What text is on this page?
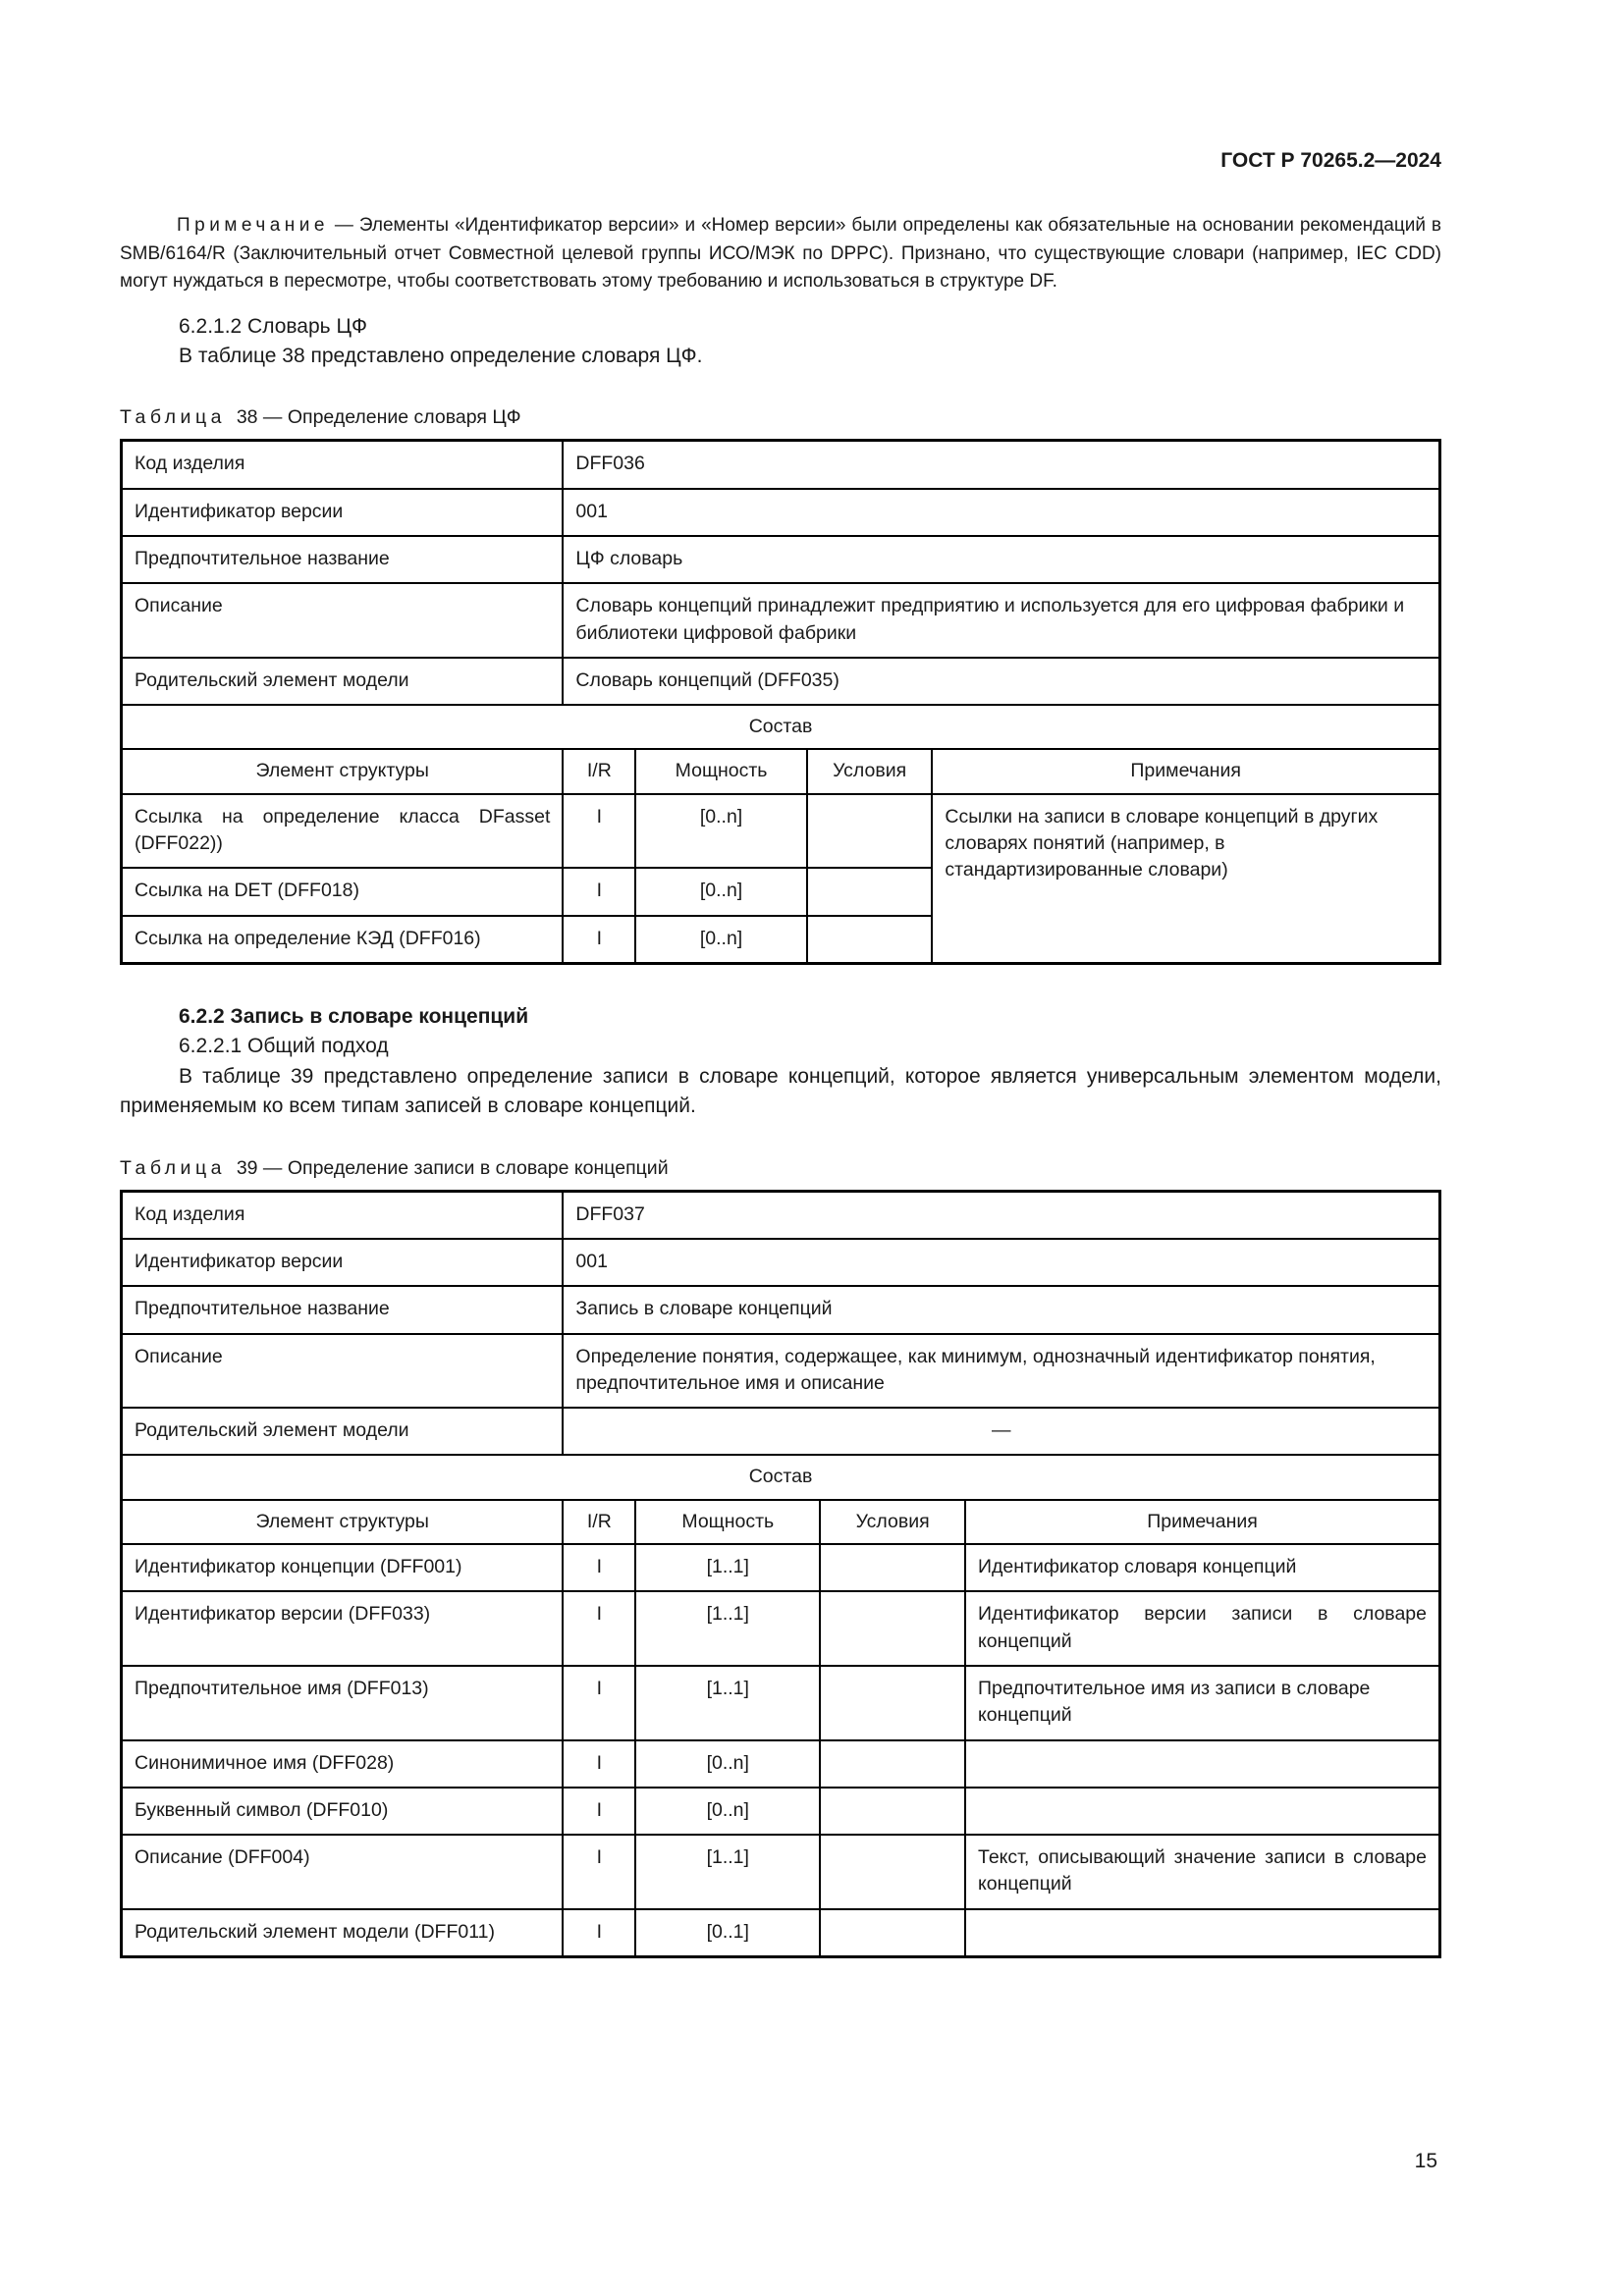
ГОСТ Р 70265.2—2024

Примечание — Элементы «Идентификатор версии» и «Номер версии» были определены как обязательные на основании рекомендаций в SMB/6164/R (Заключительный отчет Совместной целевой группы ИСО/МЭК по DPPC). Признано, что существующие словари (например, IEC CDD) могут нуждаться в пересмотре, чтобы соответствовать этому требованию и использоваться в структуре DF.

6.2.1.2 Словарь ЦФ

В таблице 38 представлено определение словаря ЦФ.

Таблица 38 — Определение словаря ЦФ

Код изделия	DFF036			
Идентификатор версии	001			
Предпочтительное название	ЦФ словарь			
Описание	Словарь концепций принадлежит предприятию и используется для его цифровая фабрики и библиотеки цифровой фабрики			
Родительский элемент модели	Словарь концепций (DFF035)			
Состав				
Элемент структуры	I/R	Мощность	Условия	Примечания
Ссылка на определение класса DFasset (DFF022))	I	[0..n]		Ссылки на записи в словаре концепций в других словарях понятий (например, в стандартизированные словари)
Ссылка на DET (DFF018)	I	[0..n]		
Ссылка на определение КЭД (DFF016)	I	[0..n]		

6.2.2 Запись в словаре концепций

6.2.2.1 Общий подход

В таблице 39 представлено определение записи в словаре концепций, которое является универсальным элементом модели, применяемым ко всем типам записей в словаре концепций.

Таблица 39 — Определение записи в словаре концепций

Код изделия	DFF037			
Идентификатор версии	001			
Предпочтительное название	Запись в словаре концепций			
Описание	Определение понятия, содержащее, как минимум, однозначный идентификатор понятия, предпочтительное имя и описание			
Родительский элемент модели	—			
Состав				
Элемент структуры	I/R	Мощность	Условия	Примечания
Идентификатор концепции (DFF001)	I	[1..1]		Идентификатор словаря концепций
Идентификатор версии (DFF033)	I	[1..1]		Идентификатор версии записи в словаре концепций
Предпочтительное имя (DFF013)	I	[1..1]		Предпочтительное имя из записи в словаре концепций
Синонимичное имя (DFF028)	I	[0..n]		
Буквенный символ (DFF010)	I	[0..n]		
Описание (DFF004)	I	[1..1]		Текст, описывающий значение записи в словаре концепций
Родительский элемент модели (DFF011)	I	[0..1]		
15
